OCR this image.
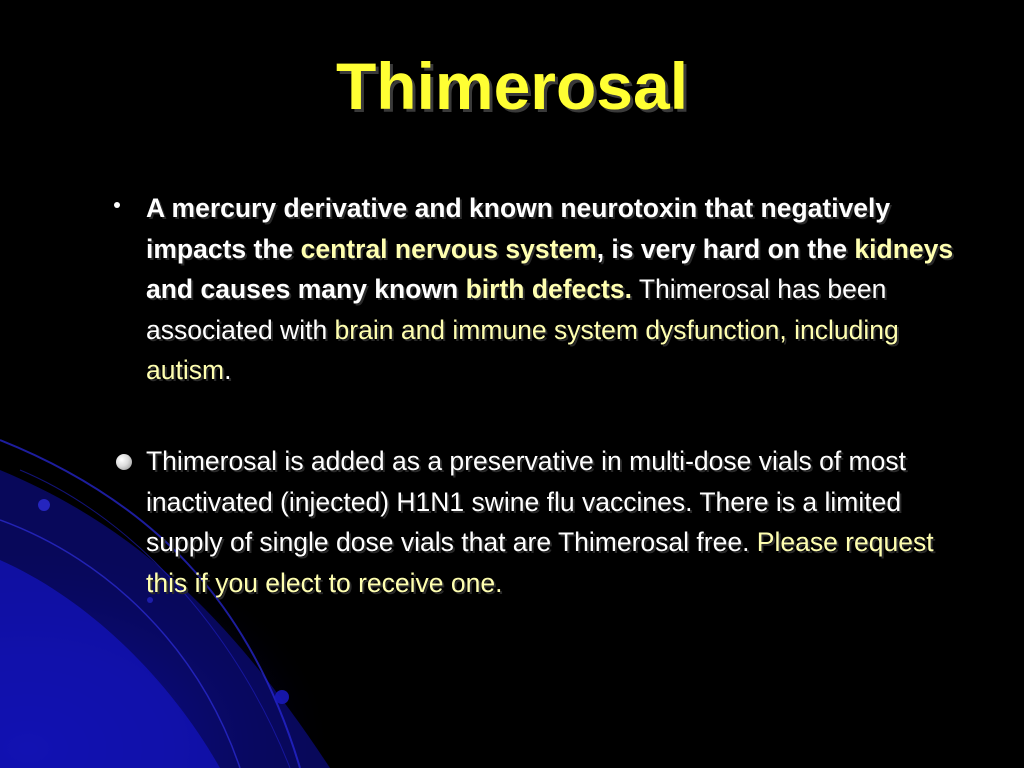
Thimerosal
A mercury derivative and known neurotoxin that negatively impacts the central nervous system, is very hard on the kidneys and causes many known birth defects. Thimerosal has been associated with brain and immune system dysfunction, including autism.
Thimerosal is added as a preservative in multi-dose vials of most inactivated (injected) H1N1 swine flu vaccines. There is a limited supply of single dose vials that are Thimerosal free. Please request this if you elect to receive one.
